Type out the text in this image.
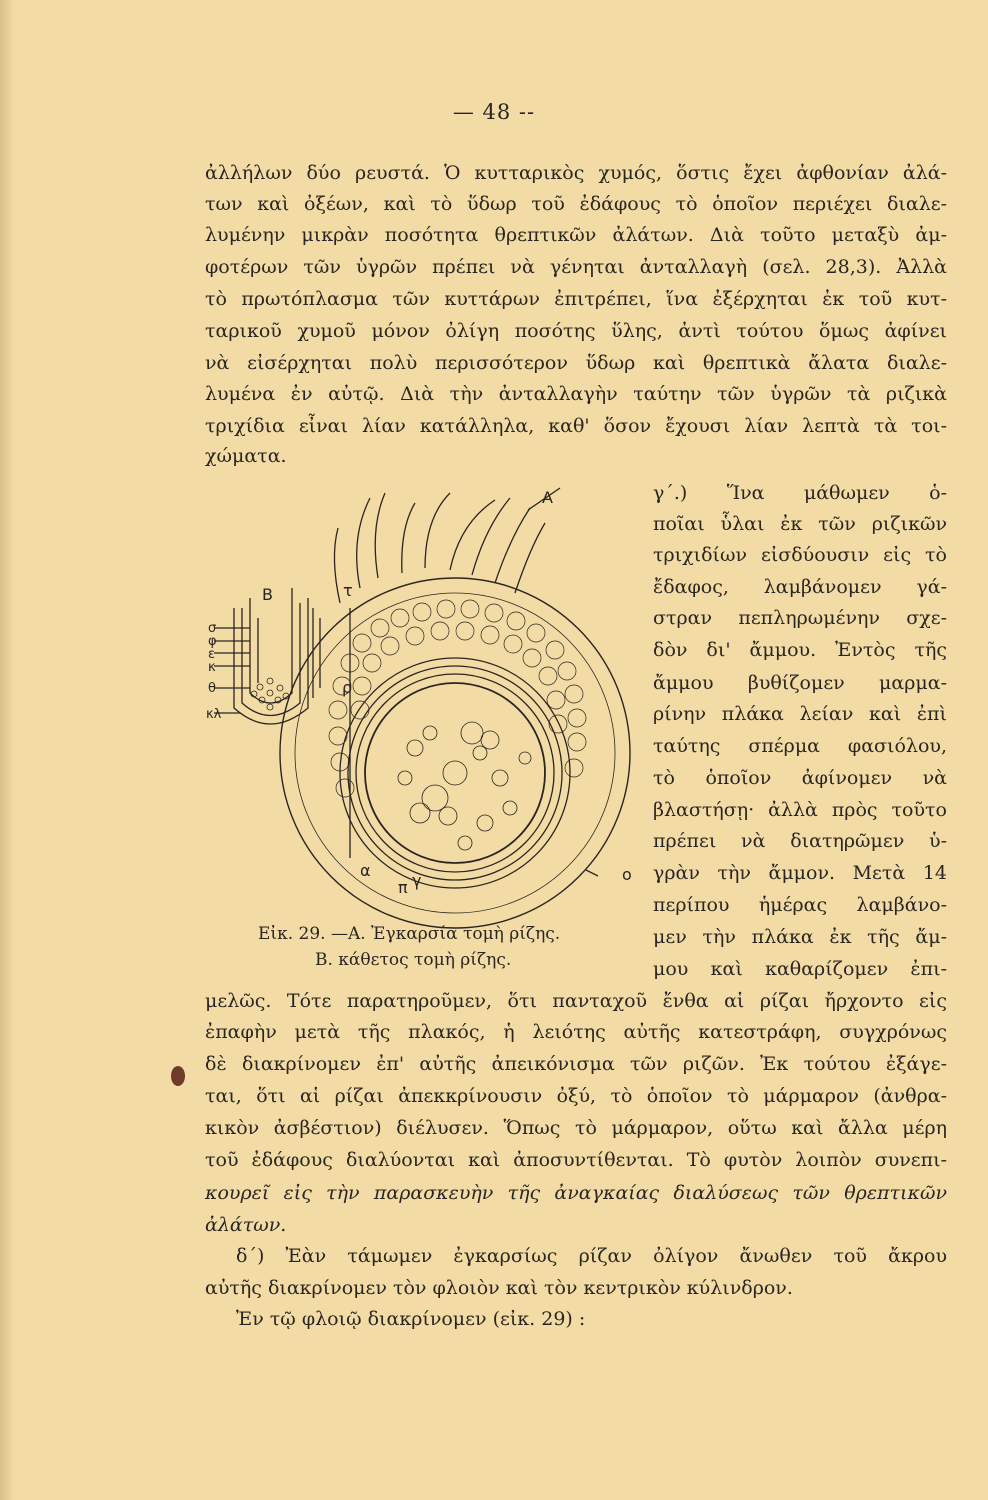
— 48 --
ἀλλήλων δύο ρευστά. Ὁ κυτταρικὸς χυμός, ὅστις ἔχει ἀφθονίαν ἀλά-
των καὶ ὀξέων, καὶ τὸ ὕδωρ τοῦ ἐδάφους τὸ ὁποῖον περιέχει διαλε-
λυμένην μικρὰν ποσότητα θρεπτικῶν ἀλάτων. Διὰ τοῦτο μεταξὺ ἀμ-
φοτέρων τῶν ὑγρῶν πρέπει νὰ γένηται ἀνταλλαγὴ (σελ. 28,3). Ἀλλὰ
τὸ πρωτόπλασμα τῶν κυττάρων ἐπιτρέπει, ἵνα ἐξέρχηται ἐκ τοῦ κυτ-
ταρικοῦ χυμοῦ μόνον ὀλίγη ποσότης ὕλης, ἀντὶ τούτου ὅμως ἀφίνει
νὰ εἰσέρχηται πολὺ περισσότερον ὕδωρ καὶ θρεπτικὰ ἄλατα διαλε-
λυμένα ἐν αὐτῷ. Διὰ τὴν ἀνταλλαγὴν ταύτην τῶν ὑγρῶν τὰ ριζικὰ
τριχίδια εἶναι λίαν κατάλληλα, καθ' ὅσον ἔχουσι λίαν λεπτὰ τὰ τοι-
χώματα.
γ΄.) Ἵνα μάθωμεν ὁ-
ποῖαι ὗλαι ἐκ τῶν ριζικῶν
τριχιδίων εἰσδύουσιν εἰς τὸ
ἔδαφος, λαμβάνομεν γά-
στραν πεπληρωμένην σχε-
δὸν δι' ἄμμου. Ἐντὸς τῆς
ἄμμου βυθίζομεν μαρμα-
ρίνην πλάκα λείαν καὶ ἐπὶ
ταύτης σπέρμα φασιόλου,
τὸ ὁποῖον ἀφίνομεν νὰ
βλαστήσῃ· ἀλλὰ πρὸς τοῦτο
πρέπει νὰ διατηρῶμεν ὑ-
γρὰν τὴν ἄμμον. Μετὰ 14
περίπου ἡμέρας λαμβάνο-
μεν τὴν πλάκα ἐκ τῆς ἄμ-
μου καὶ καθαρίζομεν ἐπι-
A
B	τ
ρ
o
α
π γ
σ
φ
ε
κ
θ
κλ
Εἰκ. 29. —A. Ἐγκαρσία τομὴ ρίζης.
B. κάθετος τομὴ ρίζης.
μελῶς. Τότε παρατηροῦμεν, ὅτι πανταχοῦ ἔνθα αἱ ρίζαι ἤρχοντο εἰς
ἐπαφὴν μετὰ τῆς πλακός, ἡ λειότης αὐτῆς κατεστράφη, συγχρόνως
δὲ διακρίνομεν ἐπ' αὐτῆς ἀπεικόνισμα τῶν ριζῶν. Ἐκ τούτου ἐξάγε-
ται, ὅτι αἱ ρίζαι ἀπεκκρίνουσιν ὀξύ, τὸ ὁποῖον τὸ μάρμαρον (ἀνθρα-
κικὸν ἀσβέστιον) διέλυσεν. Ὅπως τὸ μάρμαρον, οὕτω καὶ ἄλλα μέρη
τοῦ ἐδάφους διαλύονται καὶ ἀποσυντίθενται. Τὸ φυτὸν λοιπὸν συνεπι-
κουρεῖ εἰς τὴν παρασκευὴν τῆς ἀναγκαίας διαλύσεως τῶν θρεπτικῶν
ἀλάτων.
δ΄) Ἐὰν τάμωμεν ἐγκαρσίως ρίζαν ὀλίγον ἄνωθεν τοῦ ἄκρου
αὐτῆς διακρίνομεν τὸν φλοιὸν καὶ τὸν κεντρικὸν κύλινδρον.
Ἐν τῷ φλοιῷ διακρίνομεν (εἰκ. 29) :
